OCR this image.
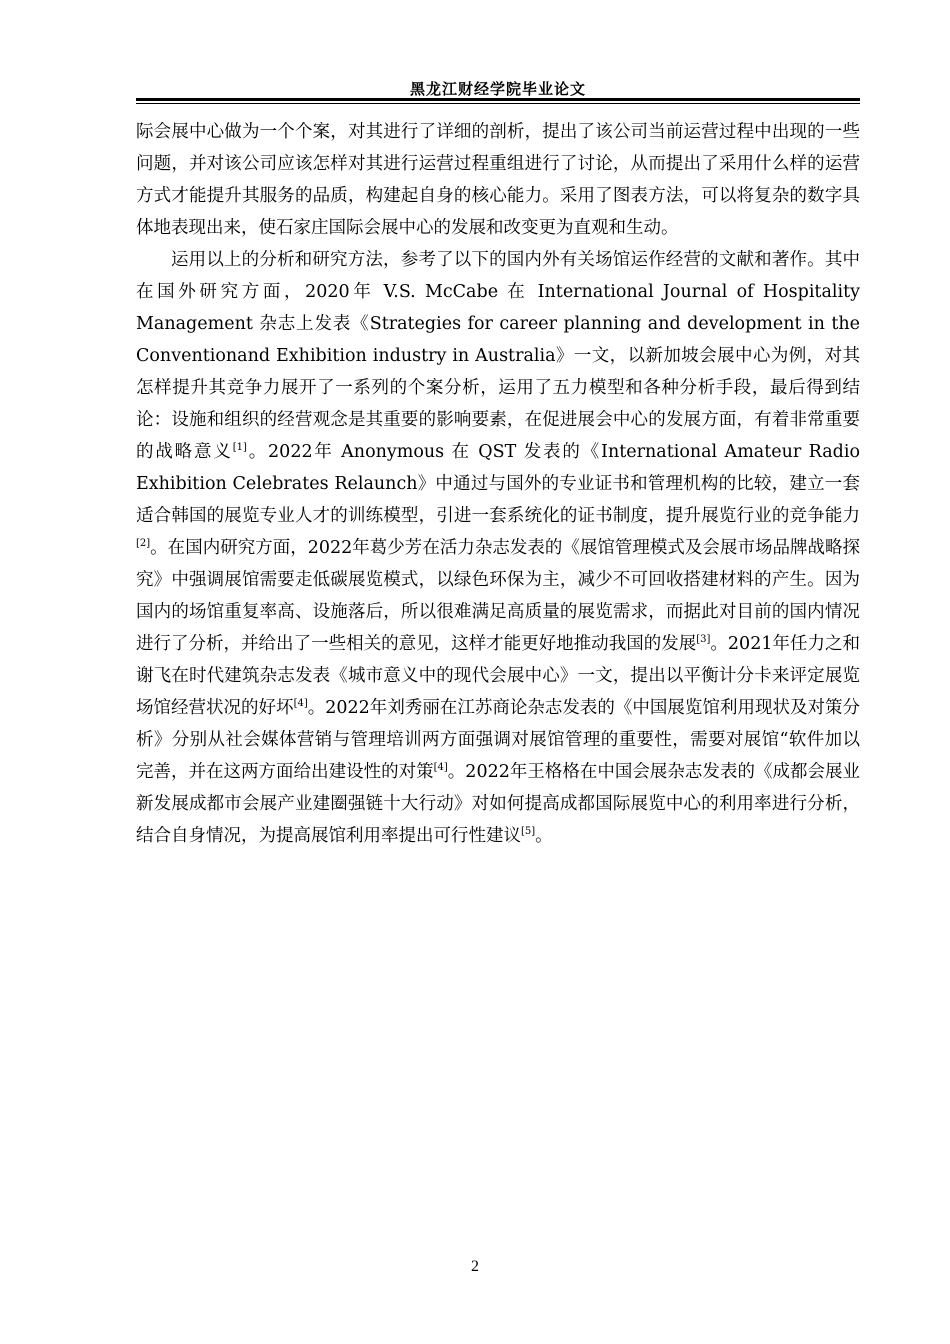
黑龙江财经学院毕业论文

际会展中心做为一个个案，对其进行了详细的剖析，提出了该公司当前运营过程中出现的一些问题，并对该公司应该怎样对其进行运营过程重组进行了讨论，从而提出了采用什么样的运营方式才能提升其服务的品质，构建起自身的核心能力。采用了图表方法，可以将复杂的数字具体地表现出来，使石家庄国际会展中心的发展和改变更为直观和生动。

运用以上的分析和研究方法，参考了以下的国内外有关场馆运作经营的文献和著作。其中在国外研究方面，2020年 V.S. McCabe 在 International Journal of Hospitality Management 杂志上发表《Strategies for career planning and development in the Conventionand Exhibition industry in Australia》一文，以新加坡会展中心为例，对其怎样提升其竞争力展开了一系列的个案分析，运用了五力模型和各种分析手段，最后得到结论：设施和组织的经营观念是其重要的影响要素，在促进展会中心的发展方面，有着非常重要的战略意义[1]。2022年 Anonymous 在 QST 发表的《International Amateur Radio Exhibition Celebrates Relaunch》中通过与国外的专业证书和管理机构的比较，建立一套适合韩国的展览专业人才的训练模型，引进一套系统化的证书制度，提升展览行业的竞争能力[2]。在国内研究方面，2022年葛少芳在活力杂志发表的《展馆管理模式及会展市场品牌战略探究》中强调展馆需要走低碳展览模式，以绿色环保为主，减少不可回收搭建材料的产生。因为国内的场馆重复率高、设施落后，所以很难满足高质量的展览需求，而据此对目前的国内情况进行了分析，并给出了一些相关的意见，这样才能更好地推动我国的发展[3]。2021年任力之和谢飞在时代建筑杂志发表《城市意义中的现代会展中心》一文，提出以平衡计分卡来评定展览场馆经营状况的好坏[4]。2022年刘秀丽在江苏商论杂志发表的《中国展览馆利用现状及对策分析》分别从社会媒体营销与管理培训两方面强调对展馆管理的重要性，需要对展馆“软件加以完善，并在这两方面给出建设性的对策[4]。2022年王格格在中国会展杂志发表的《成都会展业新发展成都市会展产业建圈强链十大行动》对如何提高成都国际展览中心的利用率进行分析，结合自身情况，为提高展馆利用率提出可行性建议[5]。

2
